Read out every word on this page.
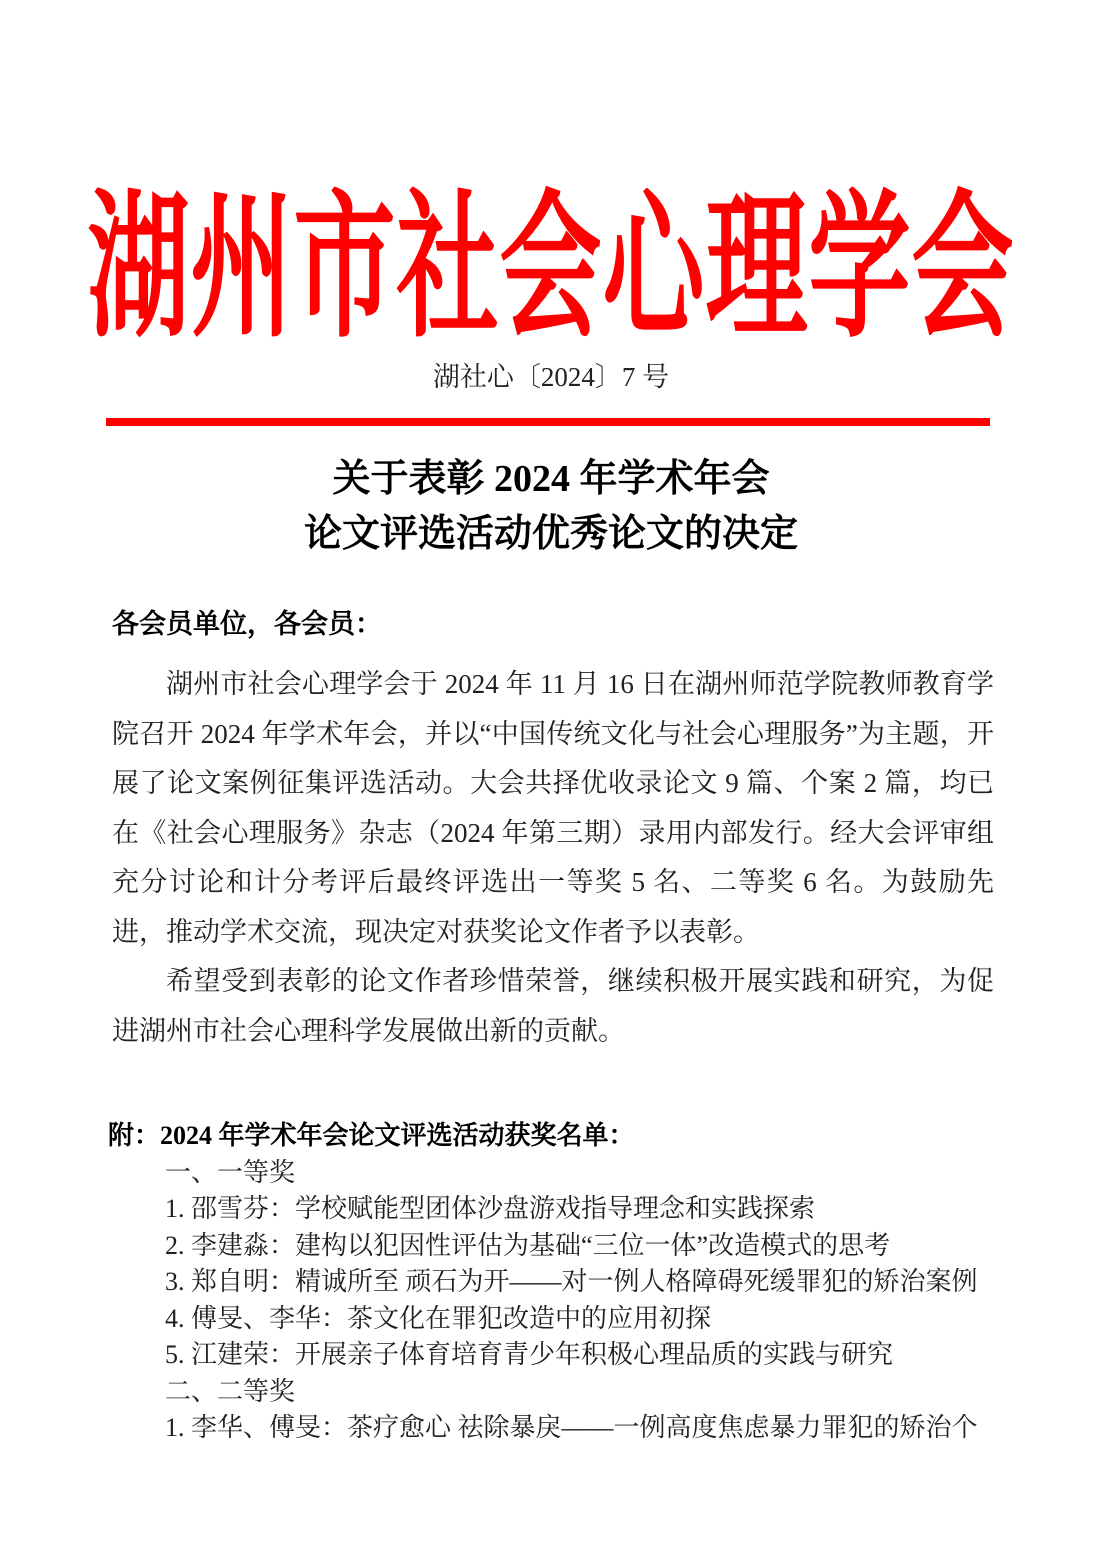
湖州市社会心理学会
湖社心〔2024〕7 号
关于表彰 2024 年学术年会
论文评选活动优秀论文的决定
各会员单位，各会员：

湖州市社会心理学会于 2024 年 11 月 16 日在湖州师范学院教师教育学院召开 2024 年学术年会，并以“中国传统文化与社会心理服务”为主题，开展了论文案例征集评选活动。大会共择优收录论文 9 篇、个案 2 篇，均已在《社会心理服务》杂志（2024 年第三期）录用内部发行。经大会评审组充分讨论和计分考评后最终评选出一等奖 5 名、二等奖 6 名。为鼓励先进，推动学术交流，现决定对获奖论文作者予以表彰。

希望受到表彰的论文作者珍惜荣誉，继续积极开展实践和研究，为促进湖州市社会心理科学发展做出新的贡献。

附：2024 年学术年会论文评选活动获奖名单：
一、一等奖
1. 邵雪芬：学校赋能型团体沙盘游戏指导理念和实践探索
2. 李建淼：建构以犯因性评估为基础“三位一体”改造模式的思考
3. 郑自明：精诚所至 顽石为开——对一例人格障碍死缓罪犯的矫治案例
4. 傅旻、李华：茶文化在罪犯改造中的应用初探
5. 江建荣：开展亲子体育培育青少年积极心理品质的实践与研究
二、二等奖
1. 李华、傅旻：茶疗愈心 祛除暴戾——一例高度焦虑暴力罪犯的矫治个
